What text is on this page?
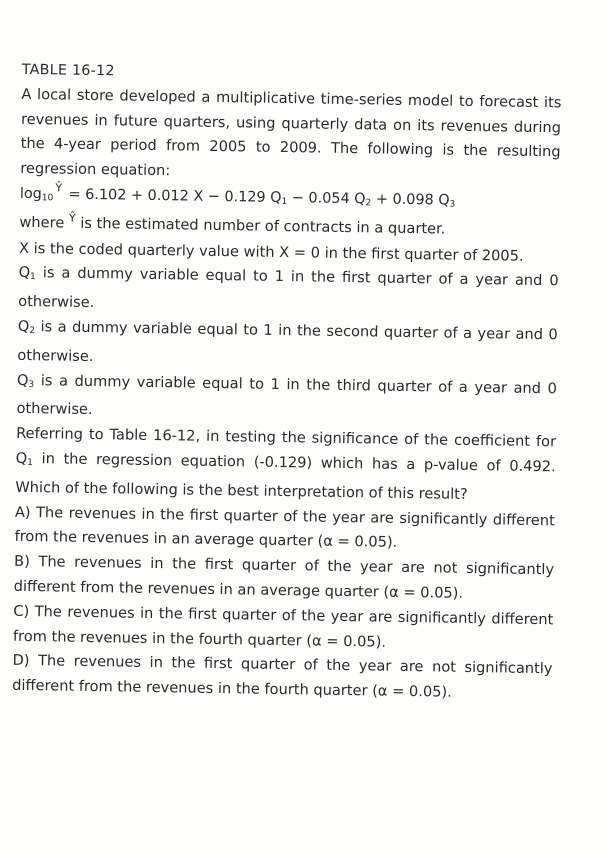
TABLE 16-12

A local store developed a multiplicative time-series model to forecast its revenues in future quarters, using quarterly data on its revenues during the 4-year period from 2005 to 2009. The following is the resulting regression equation:

$\log_{10}^Ŷ = 6.102 + 0.012$ X − 0.129 $Q_1 - 0.054$ $Q_2 + 0.098$ $Q_3$

where $^Ŷ$ is the estimated number of contracts in a quarter.

X is the coded quarterly value with X = 0 in the first quarter of 2005.

$Q_1$ is a dummy variable equal to 1 in the first quarter of a year and 0 otherwise.

$Q_2$ is a dummy variable equal to 1 in the second quarter of a year and 0 otherwise.

$Q_3$ is a dummy variable equal to 1 in the third quarter of a year and 0 otherwise.

Referring to Table 16-12, in testing the significance of the coefficient for $Q_1$ in the regression equation (-0.129) which has a p-value of 0.492. Which of the following is the best interpretation of this result?

A) The revenues in the first quarter of the year are significantly different from the revenues in an average quarter (α = 0.05).

B) The revenues in the first quarter of the year are not significantly different from the revenues in an average quarter (α = 0.05).

C) The revenues in the first quarter of the year are significantly different from the revenues in the fourth quarter (α = 0.05).

D) The revenues in the first quarter of the year are not significantly different from the revenues in the fourth quarter (α = 0.05).
